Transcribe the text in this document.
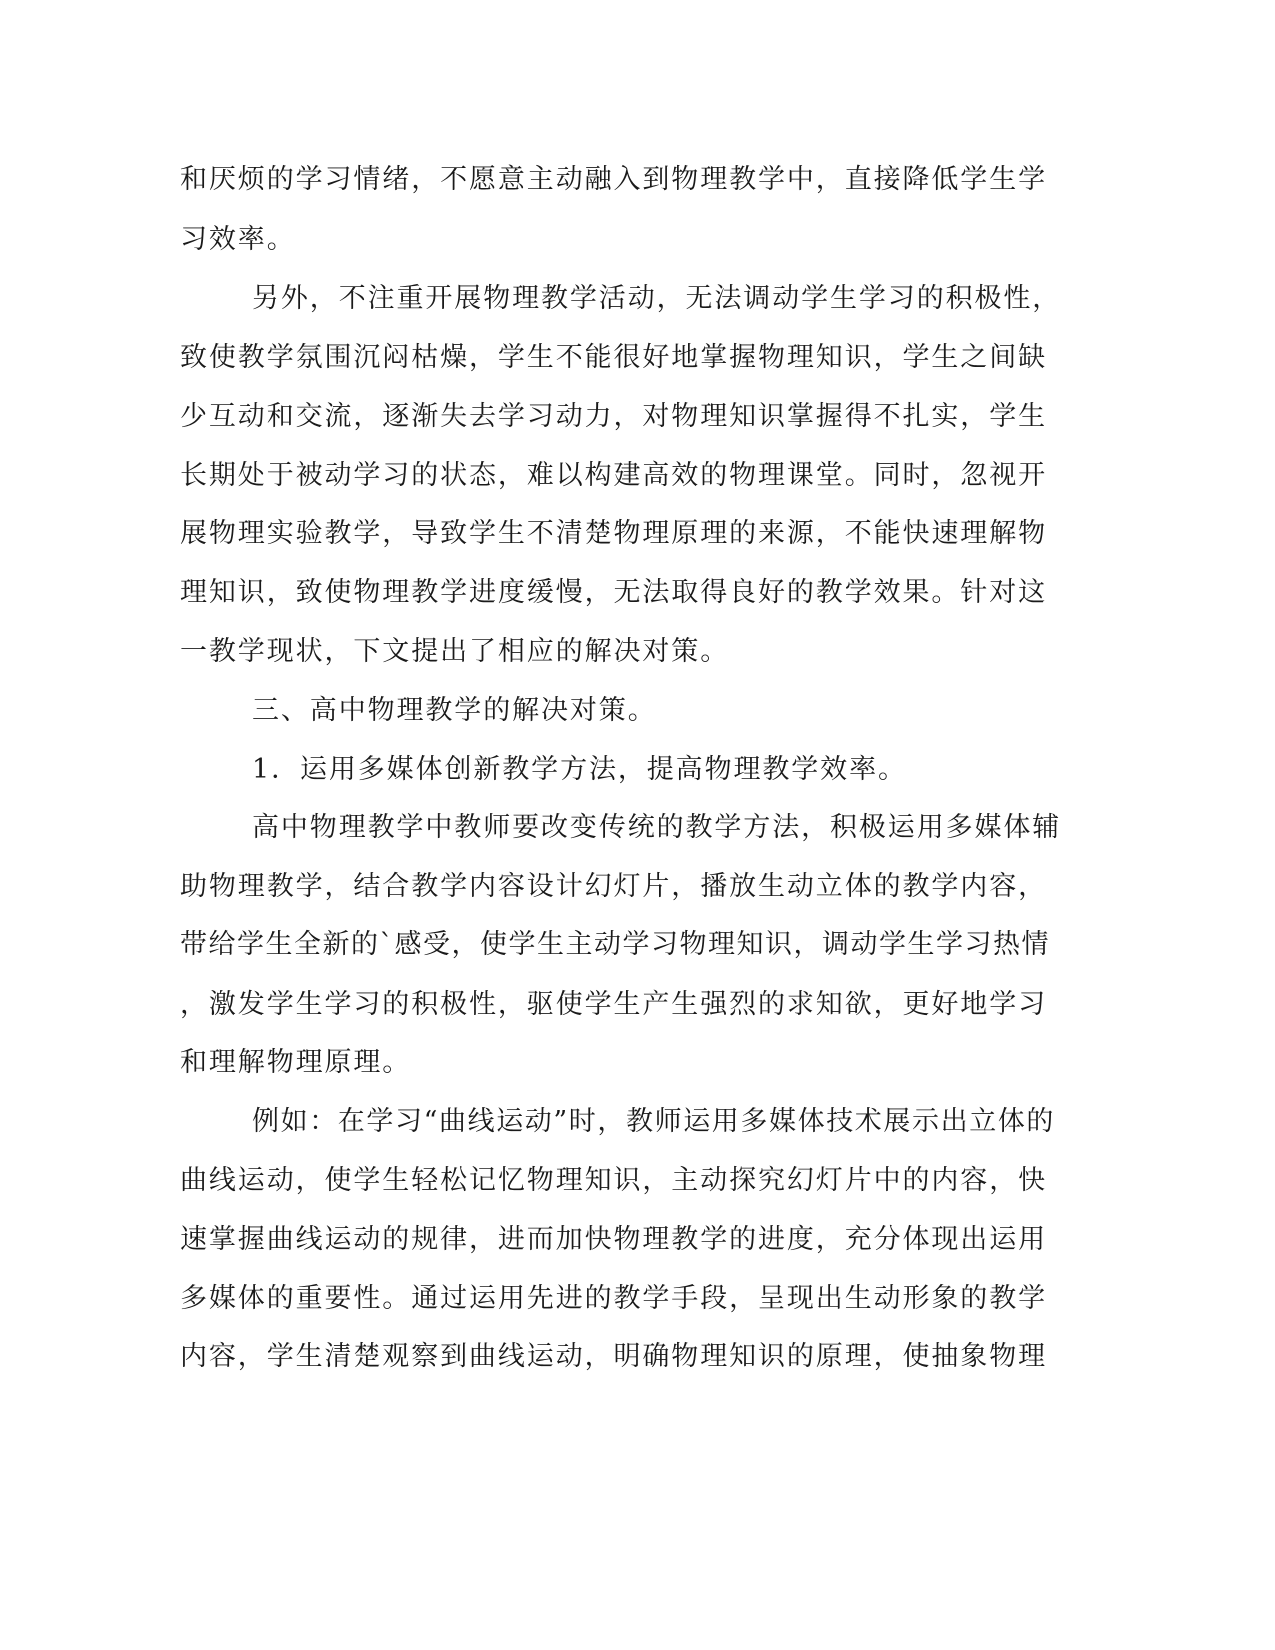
和厌烦的学习情绪，不愿意主动融入到物理教学中，直接降低学生学

习效率。

另外，不注重开展物理教学活动，无法调动学生学习的积极性，

致使教学氛围沉闷枯燥，学生不能很好地掌握物理知识，学生之间缺

少互动和交流，逐渐失去学习动力，对物理知识掌握得不扎实，学生

长期处于被动学习的状态，难以构建高效的物理课堂。同时，忽视开

展物理实验教学，导致学生不清楚物理原理的来源，不能快速理解物

理知识，致使物理教学进度缓慢，无法取得良好的教学效果。针对这

一教学现状，下文提出了相应的解决对策。

三、高中物理教学的解决对策。

1．运用多媒体创新教学方法，提高物理教学效率。

高中物理教学中教师要改变传统的教学方法，积极运用多媒体辅

助物理教学，结合教学内容设计幻灯片，播放生动立体的教学内容，

带给学生全新的`感受，使学生主动学习物理知识，调动学生学习热情

，激发学生学习的积极性，驱使学生产生强烈的求知欲，更好地学习

和理解物理原理。

例如：在学习“曲线运动”时，教师运用多媒体技术展示出立体的

曲线运动，使学生轻松记忆物理知识，主动探究幻灯片中的内容，快

速掌握曲线运动的规律，进而加快物理教学的进度，充分体现出运用

多媒体的重要性。通过运用先进的教学手段，呈现出生动形象的教学

内容，学生清楚观察到曲线运动，明确物理知识的原理，使抽象物理
